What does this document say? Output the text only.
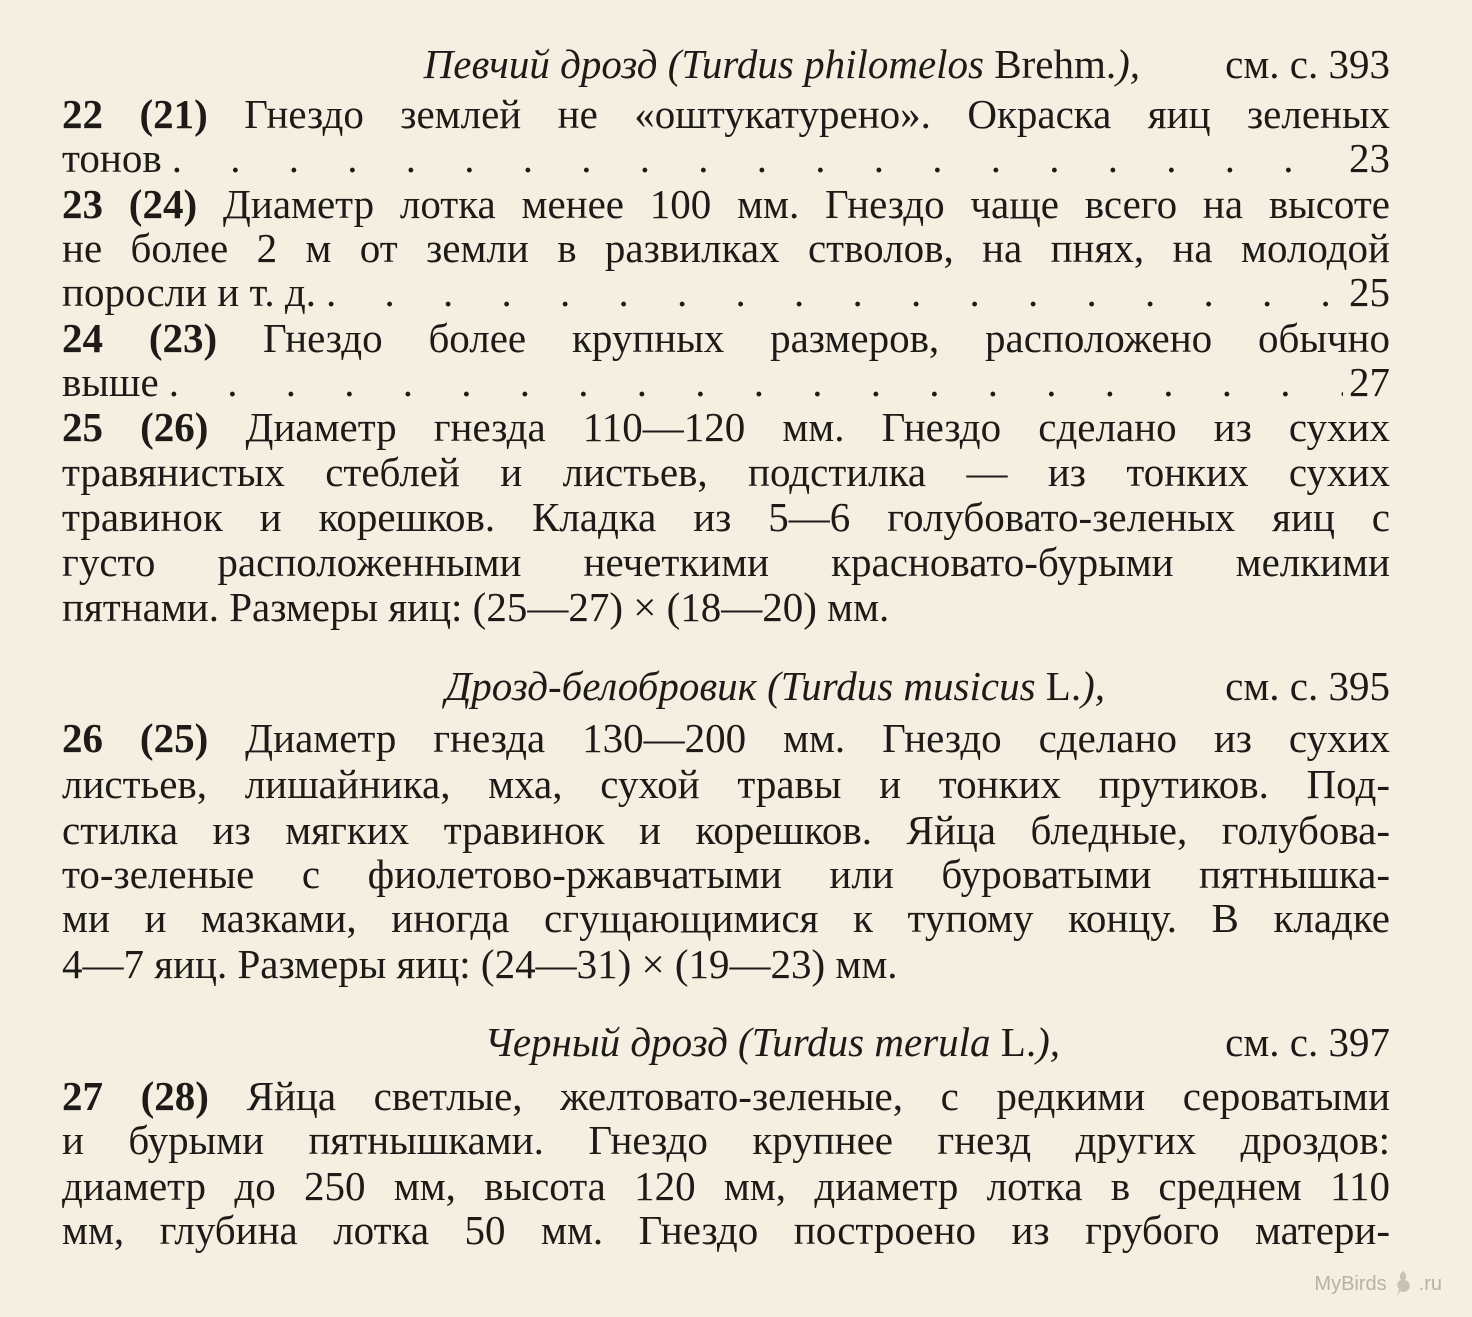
Певчий дрозд (Turdus philomelos Brehm.),	см. с. 393
22 (21) Гнездо землей не «оштукатурено». Окраска яиц зеленых
тонов . . .	23
23 (24) Диаметр лотка менее 100 мм. Гнездо чаще всего на высоте
не более 2 м от земли в развилках стволов, на пнях, на молодой
поросли и т. д. . . .	25
24 (23) Гнездо более крупных размеров, расположено обычно
выше . . .	27
25 (26) Диаметр гнезда 110—120 мм. Гнездо сделано из сухих
травянистых стеблей и листьев, подстилка — из тонких сухих
травинок и корешков. Кладка из 5—6 голубовато-зеленых яиц с
густо расположенными нечеткими красновато-бурыми мелкими
пятнами. Размеры яиц: (25—27) × (18—20) мм.
Дрозд-белобровик (Turdus musicus L.),	см. с. 395
26 (25) Диаметр гнезда 130—200 мм. Гнездо сделано из сухих
листьев, лишайника, мха, сухой травы и тонких прутиков. Под-
стилка из мягких травинок и корешков. Яйца бледные, голубова-
то-зеленые с фиолетово-ржавчатыми или буроватыми пятнышка-
ми и мазками, иногда сгущающимися к тупому концу. В кладке
4—7 яиц. Размеры яиц: (24—31) × (19—23) мм.
Черный дрозд (Turdus merula L.),	см. с. 397
27 (28) Яйца светлые, желтовато-зеленые, с редкими сероватыми
и бурыми пятнышками. Гнездо крупнее гнезд других дроздов:
диаметр до 250 мм, высота 120 мм, диаметр лотка в среднем 110
мм, глубина лотка 50 мм. Гнездо построено из грубого матери-
MyBirds .ru
